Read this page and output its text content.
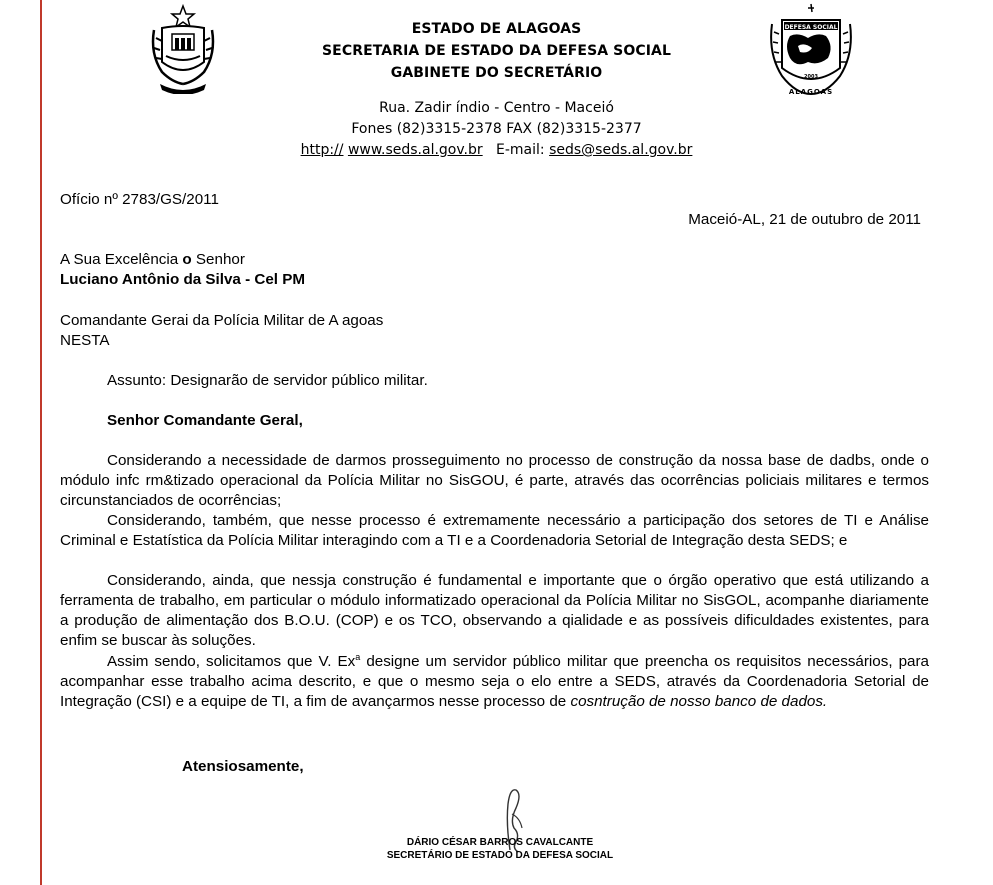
ESTADO DE ALAGOAS
SECRETARIA DE ESTADO DA DEFESA SOCIAL
GABINETE DO SECRETÁRIO
Rua. Zadir índio - Centro - Maceió
Fones (82)3315-2378 FAX (82)3315-2377
http:// www.seds.al.gov.br E-mail: seds@seds.al.gov.br
DEFESA SOCIAL
2003
ALAGOAS
Ofício nº 2783/GS/2011
Maceió-AL, 21 de outubro de 2011
A Sua Excelência o Senhor
Luciano Antônio da Silva - Cel PM
Comandante Gerai da Polícia Militar de A agoas
NESTA
Assunto: Designarão de servidor público militar.
Senhor Comandante Geral,
Considerando a necessidade de darmos prosseguimento no processo de construção da nossa base de dadbs, onde o módulo infc rm&tizado operacional da Polícia Militar no SisGOU, é parte, através das ocorrências policiais militares e termos circunstanciados de ocorrências;
Considerando, também, que nesse processo é extremamente necessário a participação dos setores de TI e Análise Criminal e Estatística da Polícia Militar interagindo com a TI e a Coordenadoria Setorial de Integração desta SEDS; e
Considerando, ainda, que nessja construção é fundamental e importante que o órgão operativo que está utilizando a ferramenta de trabalho, em particular o módulo informatizado operacional da Polícia Militar no SisGOL, acompanhe diariamente a produção de alimentação dos B.O.U. (COP) e os TCO, observando a qialidade e as possíveis dificuldades existentes, para enfim se buscar às soluções.
Assim sendo, solicitamos que V. Ex$^a$ designe um servidor público militar que preencha os requisitos necessários, para acompanhar esse trabalho acima descrito, e que o mesmo seja o elo entre a SEDS, através da Coordenadoria Setorial de Integração (CSI) e a equipe de TI, a fim de avançarmos nesse processo de cosntrução de nosso banco de dados.
Atensiosamente,
DÁRIO CÉSAR BARROS CAVALCANTE
SECRETÁRIO DE ESTADO DA DEFESA SOCIAL
